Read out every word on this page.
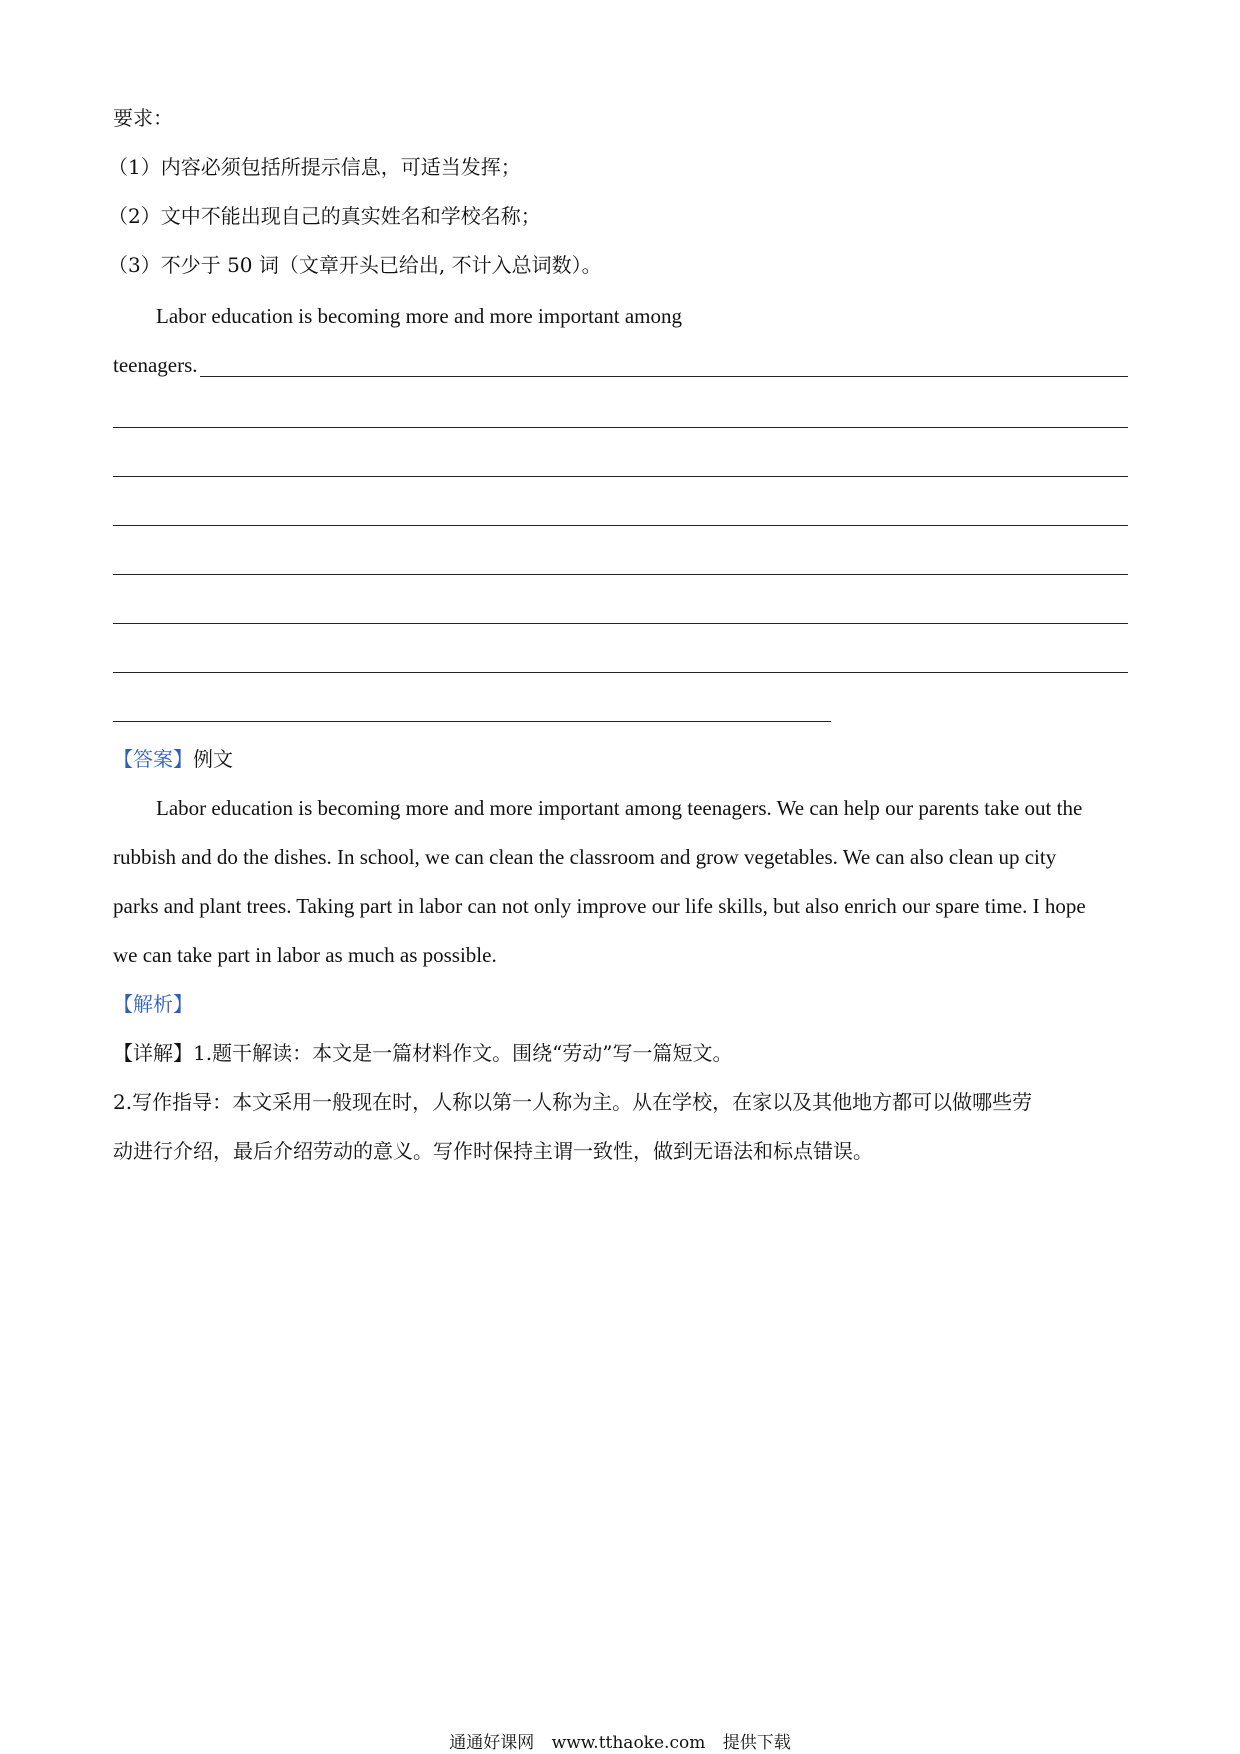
要求：
（1）内容必须包括所提示信息，可适当发挥；
（2）文中不能出现自己的真实姓名和学校名称；
（3）不少于 50 词（文章开头已给出, 不计入总词数）。
Labor education is becoming more and more important among
teenagers.
【答案】例文
Labor education is becoming more and more important among teenagers. We can help our parents take out the
rubbish and do the dishes. In school, we can clean the classroom and grow vegetables. We can also clean up city
parks and plant trees. Taking part in labor can not only improve our life skills, but also enrich our spare time. I hope
we can take part in labor as much as possible.
【解析】
【详解】1.题干解读：本文是一篇材料作文。围绕“劳动”写一篇短文。
2.写作指导：本文采用一般现在时，人称以第一人称为主。从在学校，在家以及其他地方都可以做哪些劳
动进行介绍，最后介绍劳动的意义。写作时保持主谓一致性，做到无语法和标点错误。
通通好课网 www.tthaoke.com 提供下载
